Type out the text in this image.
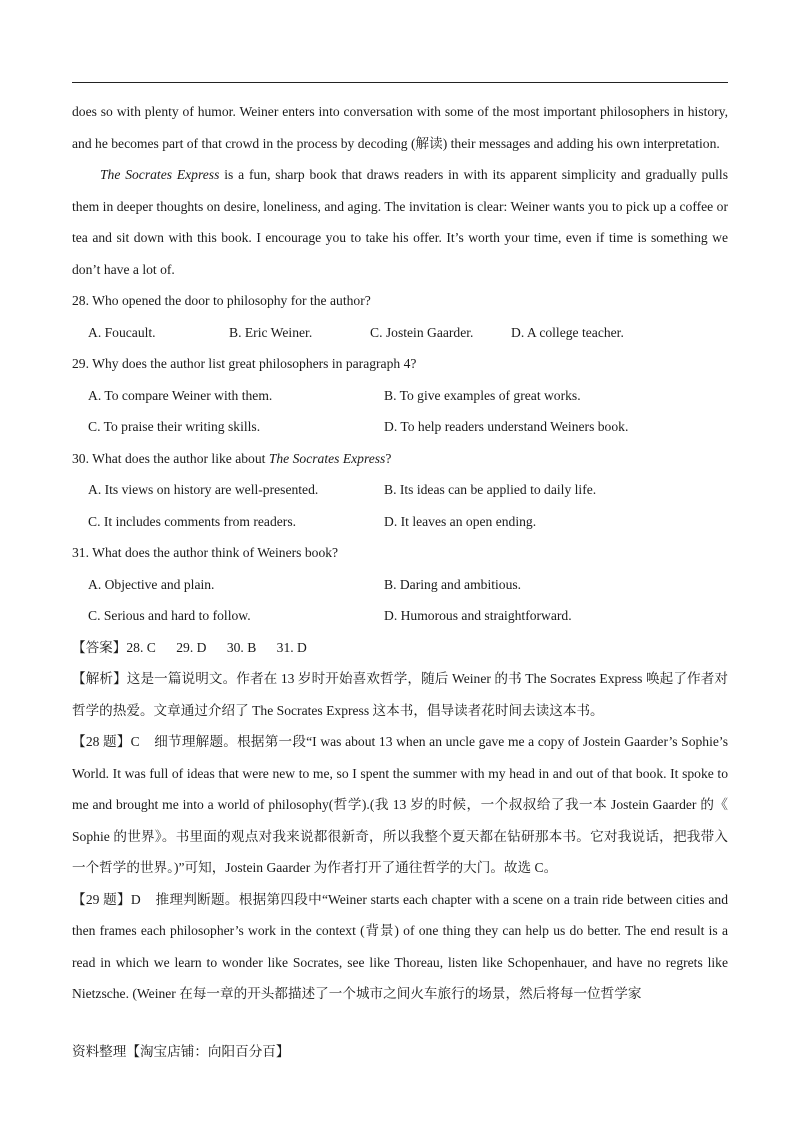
does so with plenty of humor. Weiner enters into conversation with some of the most important philosophers in history, and he becomes part of that crowd in the process by decoding (解读) their messages and adding his own interpretation.
The Socrates Express is a fun, sharp book that draws readers in with its apparent simplicity and gradually pulls them in deeper thoughts on desire, loneliness, and aging. The invitation is clear: Weiner wants you to pick up a coffee or tea and sit down with this book. I encourage you to take his offer. It’s worth your time, even if time is something we don’t have a lot of.
28. Who opened the door to philosophy for the author?
A. Foucault.	B. Eric Weiner.	C. Jostein Gaarder.	D. A college teacher.
29. Why does the author list great philosophers in paragraph 4?
A. To compare Weiner with them.	B. To give examples of great works.
C. To praise their writing skills.	D. To help readers understand Weiners book.
30. What does the author like about The Socrates Express?
A. Its views on history are well-presented.	B. Its ideas can be applied to daily life.
C. It includes comments from readers.	D. It leaves an open ending.
31. What does the author think of Weiners book?
A. Objective and plain.	B. Daring and ambitious.
C. Serious and hard to follow.	D. Humorous and straightforward.
【答案】28. C      29. D      30. B      31. D
【解析】这是一篇说明文。作者在 13 岁时开始喜欢哲学，随后 Weiner 的书 The Socrates Express 唤起了作者对哲学的热爱。文章通过介绍了 The Socrates Express 这本书，倡导读者花时间去读这本书。
【28 题】C    细节理解题。根据第一段“I was about 13 when an uncle gave me a copy of Jostein Gaarder’s Sophie’s World. It was full of ideas that were new to me, so I spent the summer with my head in and out of that book. It spoke to me and brought me into a world of philosophy(哲学).(我 13 岁的时候，一个叔叔给了我一本 Jostein Gaarder 的《 Sophie 的世界》。书里面的观点对我来说都很新奇，所以我整个夏天都在钻研那本书。它对我说话，把我带入一个哲学的世界。)”可知，Jostein Gaarder 为作者打开了通往哲学的大门。故选 C。
【29 题】D    推理判断题。根据第四段中“Weiner starts each chapter with a scene on a train ride between cities and then frames each philosopher’s work in the context (背景) of one thing they can help us do better. The end result is a read in which we learn to wonder like Socrates, see like Thoreau, listen like Schopenhauer, and have no regrets like Nietzsche. (Weiner 在每一章的开头都描述了一个城市之间火车旅行的场景，然后将每一位哲学家
资料整理【淘宝店铺：向阳百分百】
